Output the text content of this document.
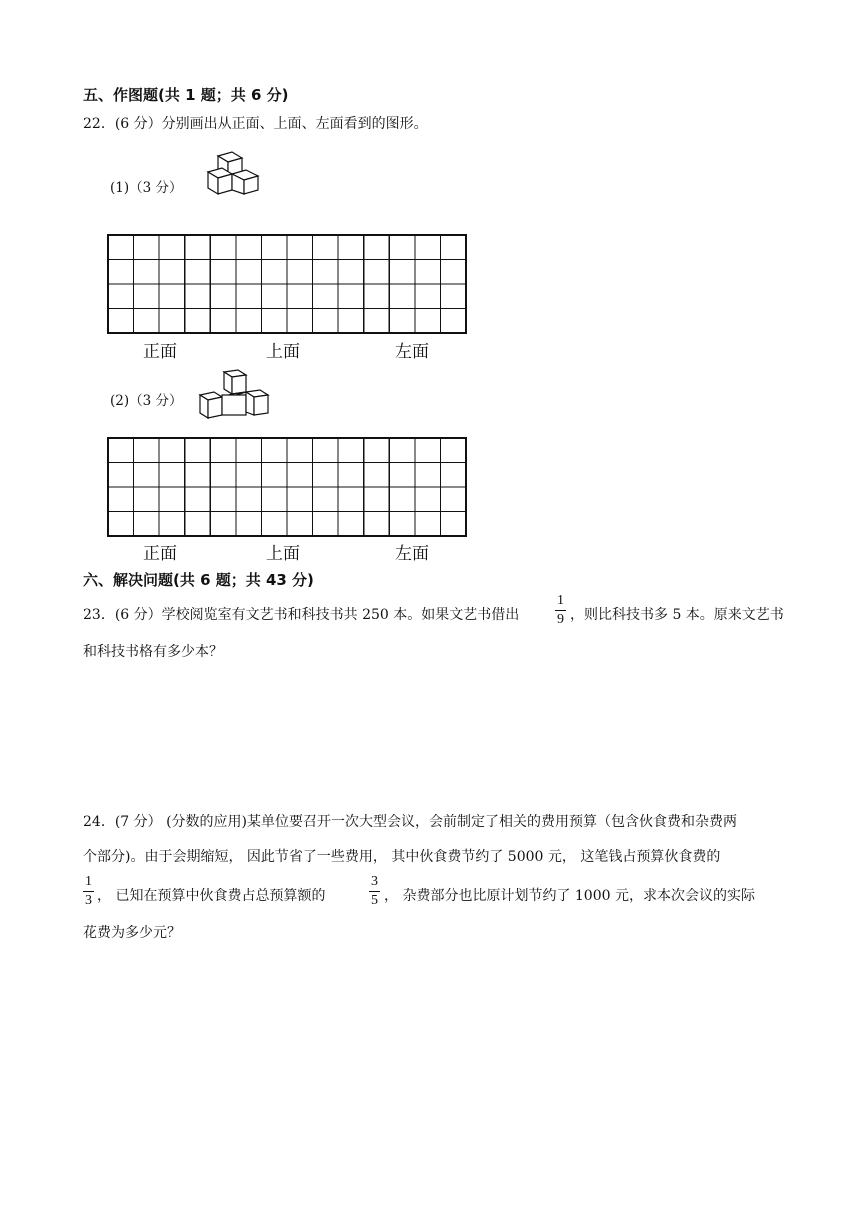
五、作图题(共 1 题；共 6 分)
22．(6 分）分别画出从正面、上面、左面看到的图形。
(1)（3 分）
正面	上面	左面
(2)（3 分）
正面	上面	左面
六、解决问题(共 6 题；共 43 分)
23．(6 分）学校阅览室有文艺书和科技书共 250 本。如果文艺书借出
1
9 ，则比科技书多 5 本。原来文艺书
和科技书格有多少本？
24．(7 分） (分数的应用)某单位要召开一次大型会议，会前制定了相关的费用预算（包含伙食费和杂费两
个部分)。由于会期缩短， 因此节省了一些费用， 其中伙食费节约了 5000 元， 这笔钱占预算伙食费的
1
3 ， 已知在预算中伙食费占总预算额的
3
5 ， 杂费部分也比原计划节约了 1000 元，求本次会议的实际
花费为多少元？
